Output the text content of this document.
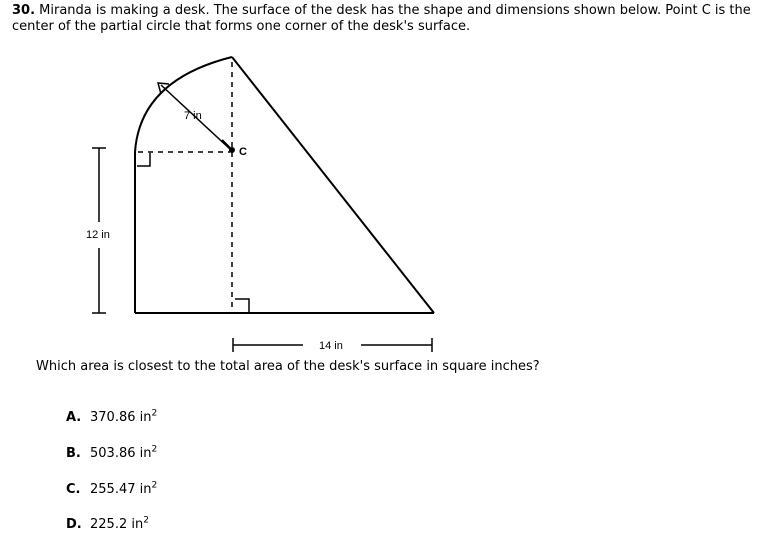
30. Miranda is making a desk. The surface of the desk has the shape and dimensions shown below. Point C is the center of the partial circle that forms one corner of the desk's surface.
7 in
C
12 in
14 in
Which area is closest to the total area of the desk's surface in square inches?
A. 370.86 $in^2$
B. 503.86 $in^2$
C. 255.47 $in^2$
D. 225.2 $in^2$
